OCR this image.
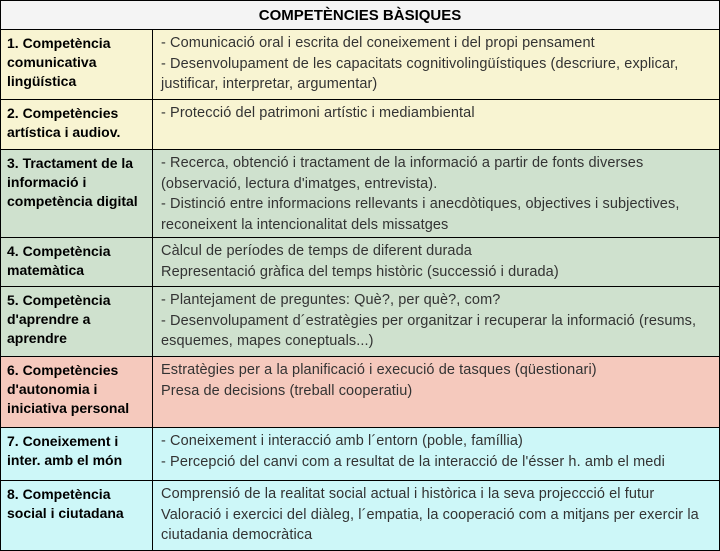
COMPETÈNCIES BÀSIQUES	
1. Competència comunicativa lingüística	- Comunicació oral i escrita del coneixement i del propi pensament
- Desenvolupament de les capacitats cognitivolingüístiques (descriure, explicar, justificar, interpretar, argumentar)

2. Competències artística i audiov.	- Protecció del patrimoni artístic i mediambiental

3. Tractament de la informació i competència digital	- Recerca, obtenció i tractament de la informació a partir de fonts diverses (observació, lectura d'imatges, entrevista).
- Distinció entre informacions rellevants i anecdòtiques, objectives i subjectives, reconeixent la intencionalitat dels missatges

4. Competència matemàtica	Càlcul de períodes de temps de diferent durada
Representació gràfica del temps històric (successió i durada)

5. Competència d'aprendre a aprendre	- Plantejament de preguntes: Què?, per què?, com?
- Desenvolupament d´estratègies per organitzar i recuperar la informació (resums, esquemes, mapes coneptuals...)

6. Competències d'autonomia i iniciativa personal	Estratègies per a la planificació i execució de tasques (qüestionari)
Presa de decisions (treball cooperatiu)

7. Coneixement i inter. amb el món	- Coneixement i interacció amb l´entorn (poble, famíllia)
- Percepció del canvi com a resultat de la interacció de l'ésser h. amb el medi

8. Competència social i ciutadana	Comprensió de la realitat social actual i històrica i la seva projeccció el futur
Valoració i exercici del diàleg, l´empatia, la cooperació com a mitjans per exercir la ciutadania democràtica
